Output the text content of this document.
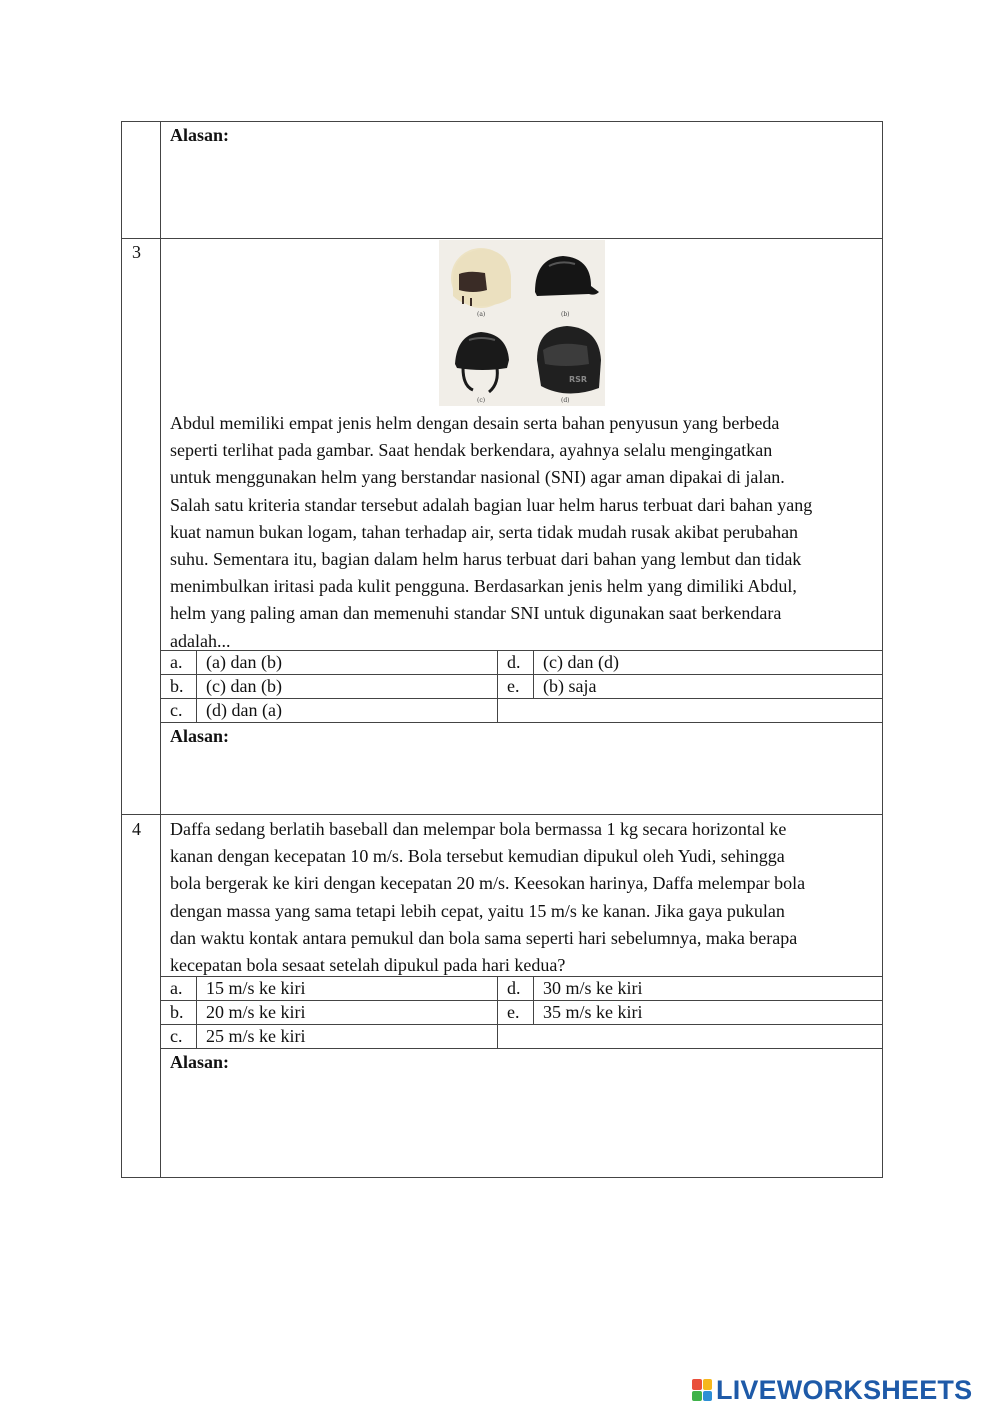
Alasan:
3
RSR
(a)	(b)
(c)	(d)
Abdul memiliki empat jenis helm dengan desain serta bahan penyusun yang berbeda
seperti terlihat pada gambar. Saat hendak berkendara, ayahnya selalu mengingatkan
untuk menggunakan helm yang berstandar nasional (SNI) agar aman dipakai di jalan.
Salah satu kriteria standar tersebut adalah bagian luar helm harus terbuat dari bahan yang
kuat namun bukan logam, tahan terhadap air, serta tidak mudah rusak akibat perubahan
suhu. Sementara itu, bagian dalam helm harus terbuat dari bahan yang lembut dan tidak
menimbulkan iritasi pada kulit pengguna. Berdasarkan jenis helm yang dimiliki Abdul,
helm yang paling aman dan memenuhi standar SNI untuk digunakan saat berkendara
adalah...
a. (a) dan (b)	d. (c) dan (d)
b. (c) dan (b)	e. (b) saja
c. (d) dan (a)
Alasan:
4 Daffa sedang berlatih baseball dan melempar bola bermassa 1 kg secara horizontal ke
kanan dengan kecepatan 10 m/s. Bola tersebut kemudian dipukul oleh Yudi, sehingga
bola bergerak ke kiri dengan kecepatan 20 m/s. Keesokan harinya, Daffa melempar bola
dengan massa yang sama tetapi lebih cepat, yaitu 15 m/s ke kanan. Jika gaya pukulan
dan waktu kontak antara pemukul dan bola sama seperti hari sebelumnya, maka berapa
kecepatan bola sesaat setelah dipukul pada hari kedua?
a. 15 m/s ke kiri	d. 30 m/s ke kiri
b. 20 m/s ke kiri	e. 35 m/s ke kiri
c. 25 m/s ke kiri
Alasan:
LIVEWORKSHEETS
